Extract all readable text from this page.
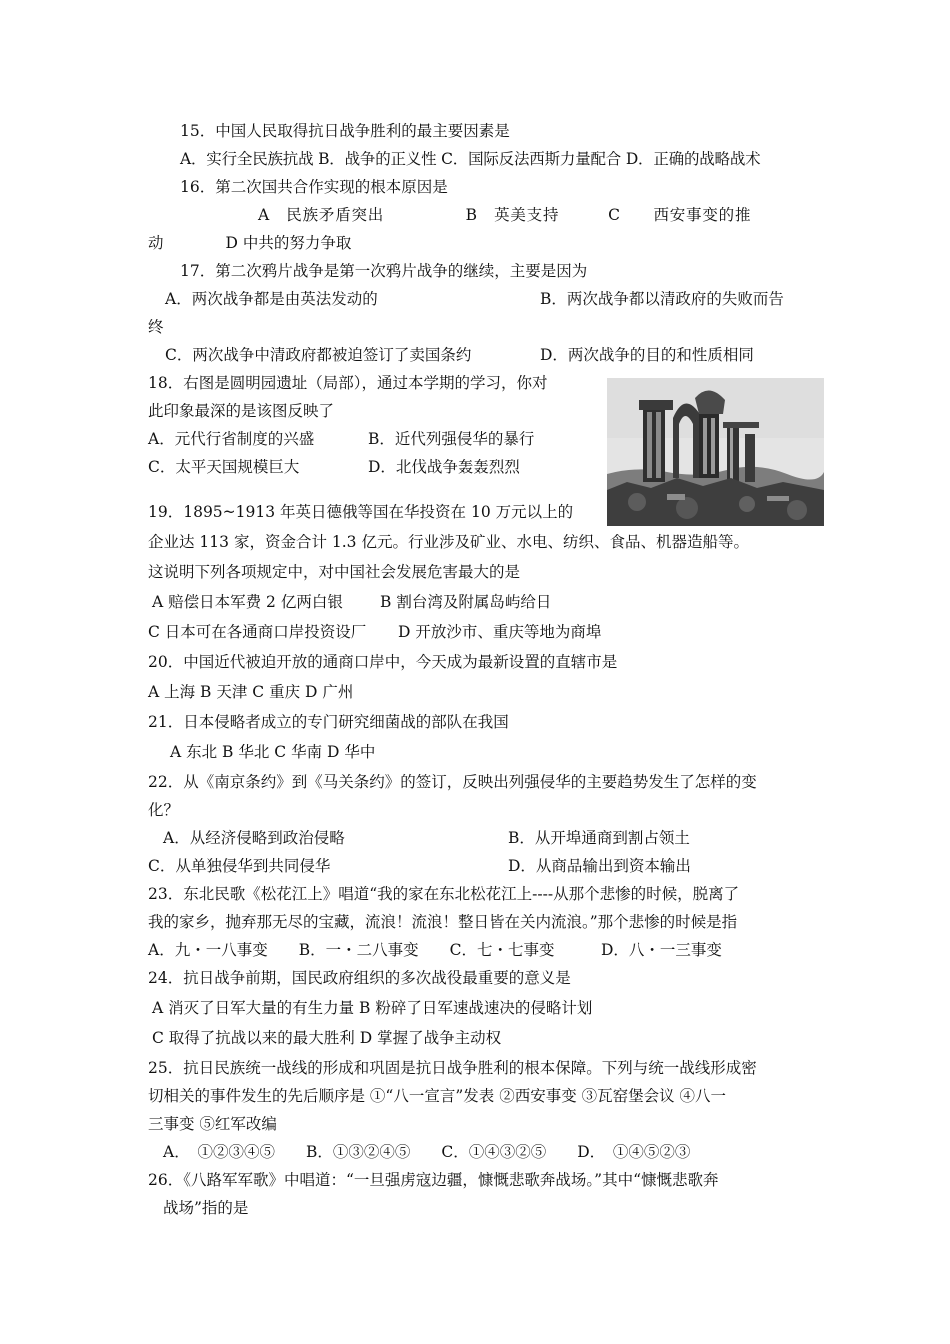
15．中国人民取得抗日战争胜利的最主要因素是
A．实行全民族抗战 B．战争的正义性 C．国际反法西斯力量配合 D．正确的战略战术
16．第二次国共合作实现的根本原因是
A　民族矛盾突出　　　　　B　英美支持　　　C　　西安事变的推
动　　　　D 中共的努力争取
17．第二次鸦片战争是第一次鸦片战争的继续，主要是因为
A．两次战争都是由英法发动的	B．两次战争都以清政府的失败而告
终
C．两次战争中清政府都被迫签订了卖国条约	D．两次战争的目的和性质相同
18．右图是圆明园遗址（局部），通过本学期的学习，你对
此印象最深的是该图反映了
A．元代行省制度的兴盛	B．近代列强侵华的暴行
C．太平天国规模巨大	D．北伐战争轰轰烈烈
19．1895~1913 年英日德俄等国在华投资在 10 万元以上的
企业达 113 家，资金合计 1.3 亿元。行业涉及矿业、水电、纺织、食品、机器造船等。
这说明下列各项规定中，对中国社会发展危害最大的是
A 赔偿日本军费 2 亿两白银 B 割台湾及附属岛屿给日
C 日本可在各通商口岸投资设厂 D 开放沙市、重庆等地为商埠
20．中国近代被迫开放的通商口岸中，今天成为最新设置的直辖市是
A 上海 B 天津 C 重庆 D 广州
21．日本侵略者成立的专门研究细菌战的部队在我国
A 东北 B 华北 C 华南 D 华中
22．从《南京条约》到《马关条约》的签订，反映出列强侵华的主要趋势发生了怎样的变
化？
A．从经济侵略到政治侵略	B．从开埠通商到割占领土
C．从单独侵华到共同侵华	D．从商品输出到资本输出
23．东北民歌《松花江上》唱道“我的家在东北松花江上----从那个悲惨的时候，脱离了
我的家乡，抛弃那无尽的宝藏，流浪！流浪！整日皆在关内流浪。”那个悲惨的时候是指
A．九・一八事变　　B．一・二八事变　　C．七・七事变　　　D．八・一三事变
24．抗日战争前期，国民政府组织的多次战役最重要的意义是
A 消灭了日军大量的有生力量 B 粉碎了日军速战速决的侵略计划
C 取得了抗战以来的最大胜利 D 掌握了战争主动权
25．抗日民族统一战线的形成和巩固是抗日战争胜利的根本保障。下列与统一战线形成密
切相关的事件发生的先后顺序是 ①“八一宣言”发表 ②西安事变 ③瓦窑堡会议 ④八一
三事变 ⑤红军改编
A．　①②③④⑤　　B．①③②④⑤　　C．①④③②⑤　　D．　①④⑤②③
26．《八路军军歌》中唱道：“一旦强虏寇边疆，慷慨悲歌奔战场。”其中“慷慨悲歌奔
战场”指的是
